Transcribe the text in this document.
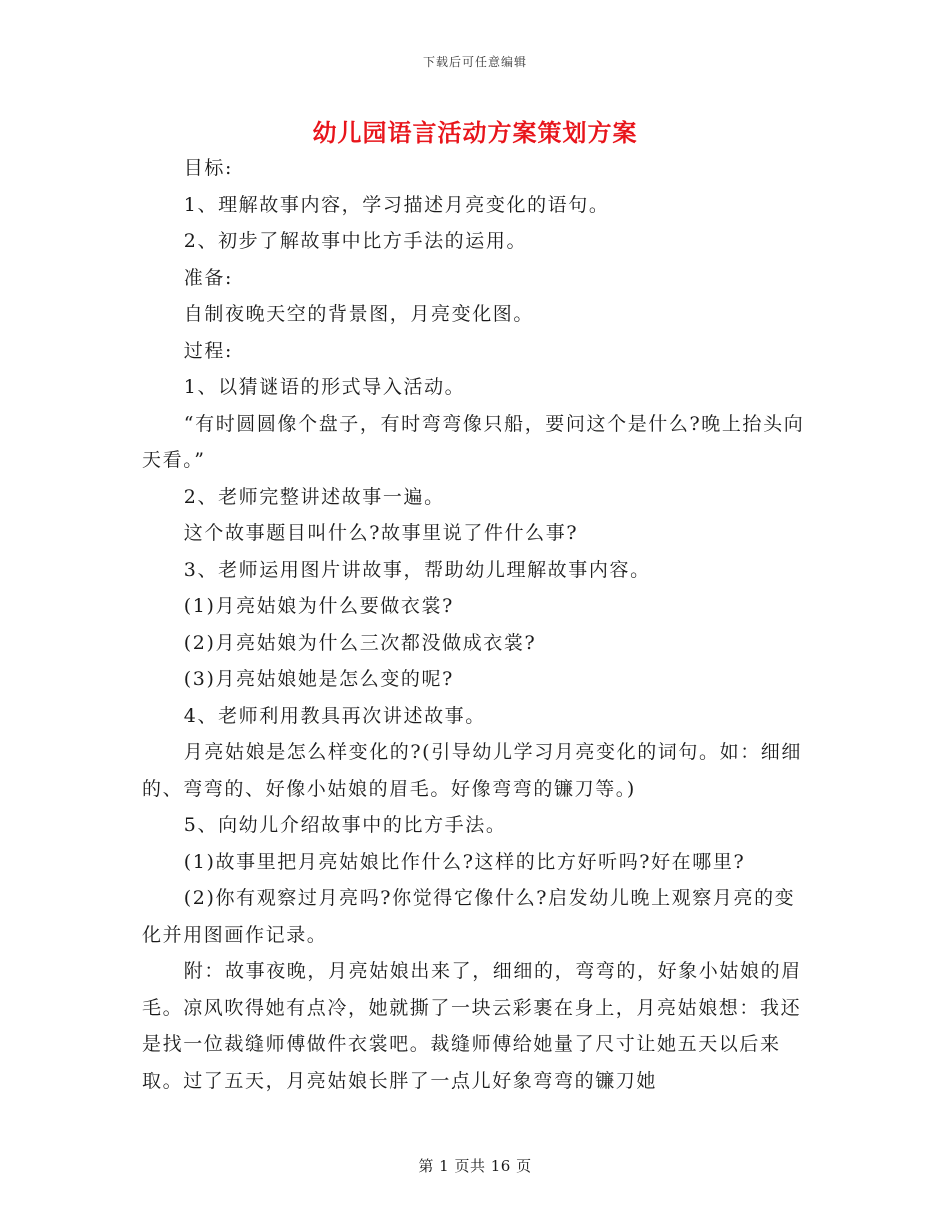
下载后可任意编辑
幼儿园语言活动方案策划方案

目标:

1、理解故事内容，学习描述月亮变化的语句。

2、初步了解故事中比方手法的运用。

准备:

自制夜晚天空的背景图，月亮变化图。

过程:

1、以猜谜语的形式导入活动。

“有时圆圆像个盘子，有时弯弯像只船，要问这个是什么?晚上抬头向天看。”

2、老师完整讲述故事一遍。

这个故事题目叫什么?故事里说了件什么事?

3、老师运用图片讲故事，帮助幼儿理解故事内容。

(1)月亮姑娘为什么要做衣裳?

(2)月亮姑娘为什么三次都没做成衣裳?

(3)月亮姑娘她是怎么变的呢?

4、老师利用教具再次讲述故事。

月亮姑娘是怎么样变化的?(引导幼儿学习月亮变化的词句。如：细细的、弯弯的、好像小姑娘的眉毛。好像弯弯的镰刀等。)

5、向幼儿介绍故事中的比方手法。

(1)故事里把月亮姑娘比作什么?这样的比方好听吗?好在哪里?

(2)你有观察过月亮吗?你觉得它像什么?启发幼儿晚上观察月亮的变化并用图画作记录。

附：故事夜晚，月亮姑娘出来了，细细的，弯弯的，好象小姑娘的眉毛。凉风吹得她有点冷，她就撕了一块云彩裹在身上，月亮姑娘想：我还是找一位裁缝师傅做件衣裳吧。裁缝师傅给她量了尺寸让她五天以后来取。过了五天，月亮姑娘长胖了一点儿好象弯弯的镰刀她

第 1 页共 16 页
